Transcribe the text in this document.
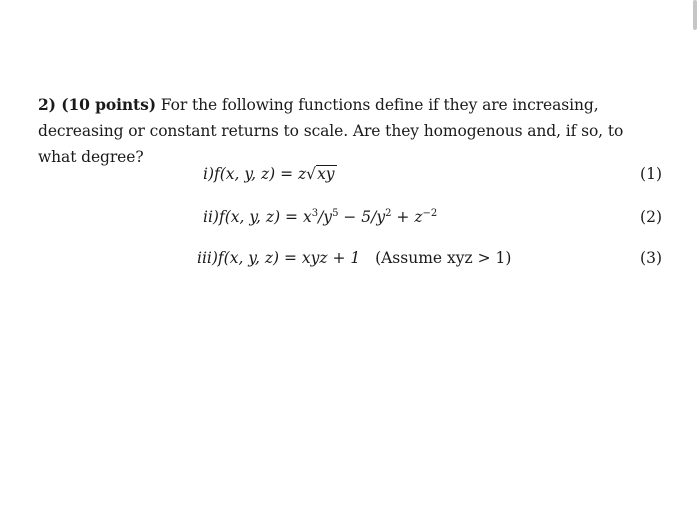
2) (10 points) For the following functions define if they are increasing, decreasing or constant returns to scale. Are they homogenous and, if so, to what degree?
i)f(x, y, z) = z√xy	(1)
ii)f(x, y, $z) = x^3/y^5 - 5/y^2 + z^{-2}$	(2)
iii)f(x, y, z) = xyz + 1 (Assume xyz > 1)	(3)
